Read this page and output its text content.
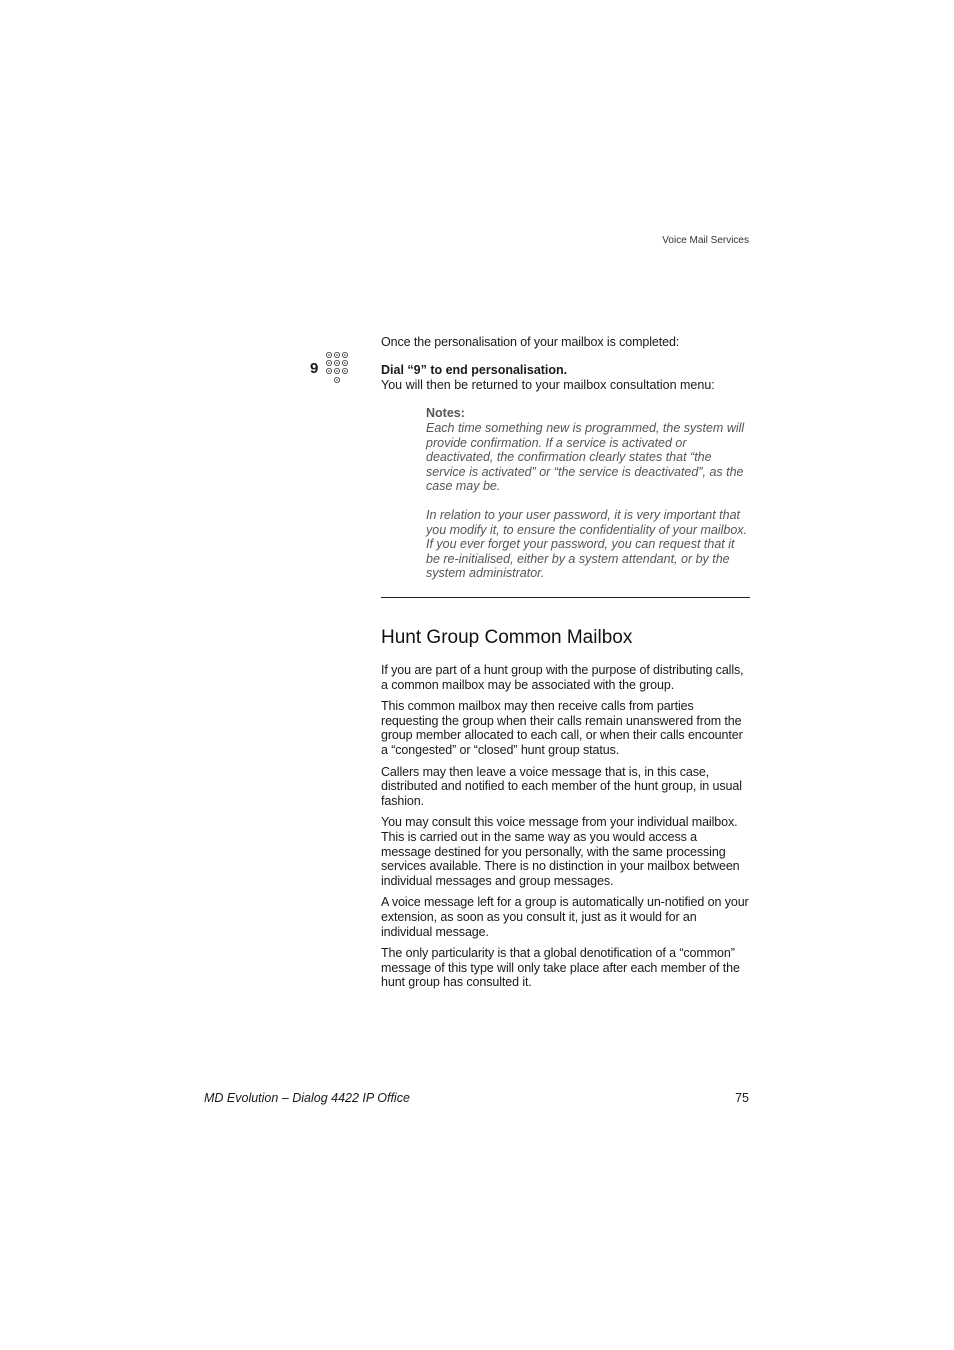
Voice Mail Services

Once the personalisation of your mailbox is completed:

9	Dial “9” to end personalisation.

You will then be returned to your mailbox consultation menu:

Notes:

Each time something new is programmed, the system will provide confirmation. If a service is activated or deactivated, the confirmation clearly states that “the service is activated” or “the service is deactivated”, as the case may be.

In relation to your user password, it is very important that you modify it, to ensure the confidentiality of your mailbox. If you ever forget your password, you can request that it be re-initialised, either by a system attendant, or by the system administrator.

Hunt Group Common Mailbox

If you are part of a hunt group with the purpose of distributing calls, a common mailbox may be associated with the group.

This common mailbox may then receive calls from parties requesting the group when their calls remain unanswered from the group member allocated to each call, or when their calls encounter a “congested” or “closed” hunt group status.

Callers may then leave a voice message that is, in this case, distributed and notified to each member of the hunt group, in usual fashion.

You may consult this voice message from your individual mailbox. This is carried out in the same way as you would access a message destined for you personally, with the same processing services available. There is no distinction in your mailbox between individual messages and group messages.

A voice message left for a group is automatically un-notified on your extension, as soon as you consult it, just as it would for an individual message.

The only particularity is that a global denotification of a “common” message of this type will only take place after each member of the hunt group has consulted it.

MD Evolution – Dialog 4422 IP Office	75
